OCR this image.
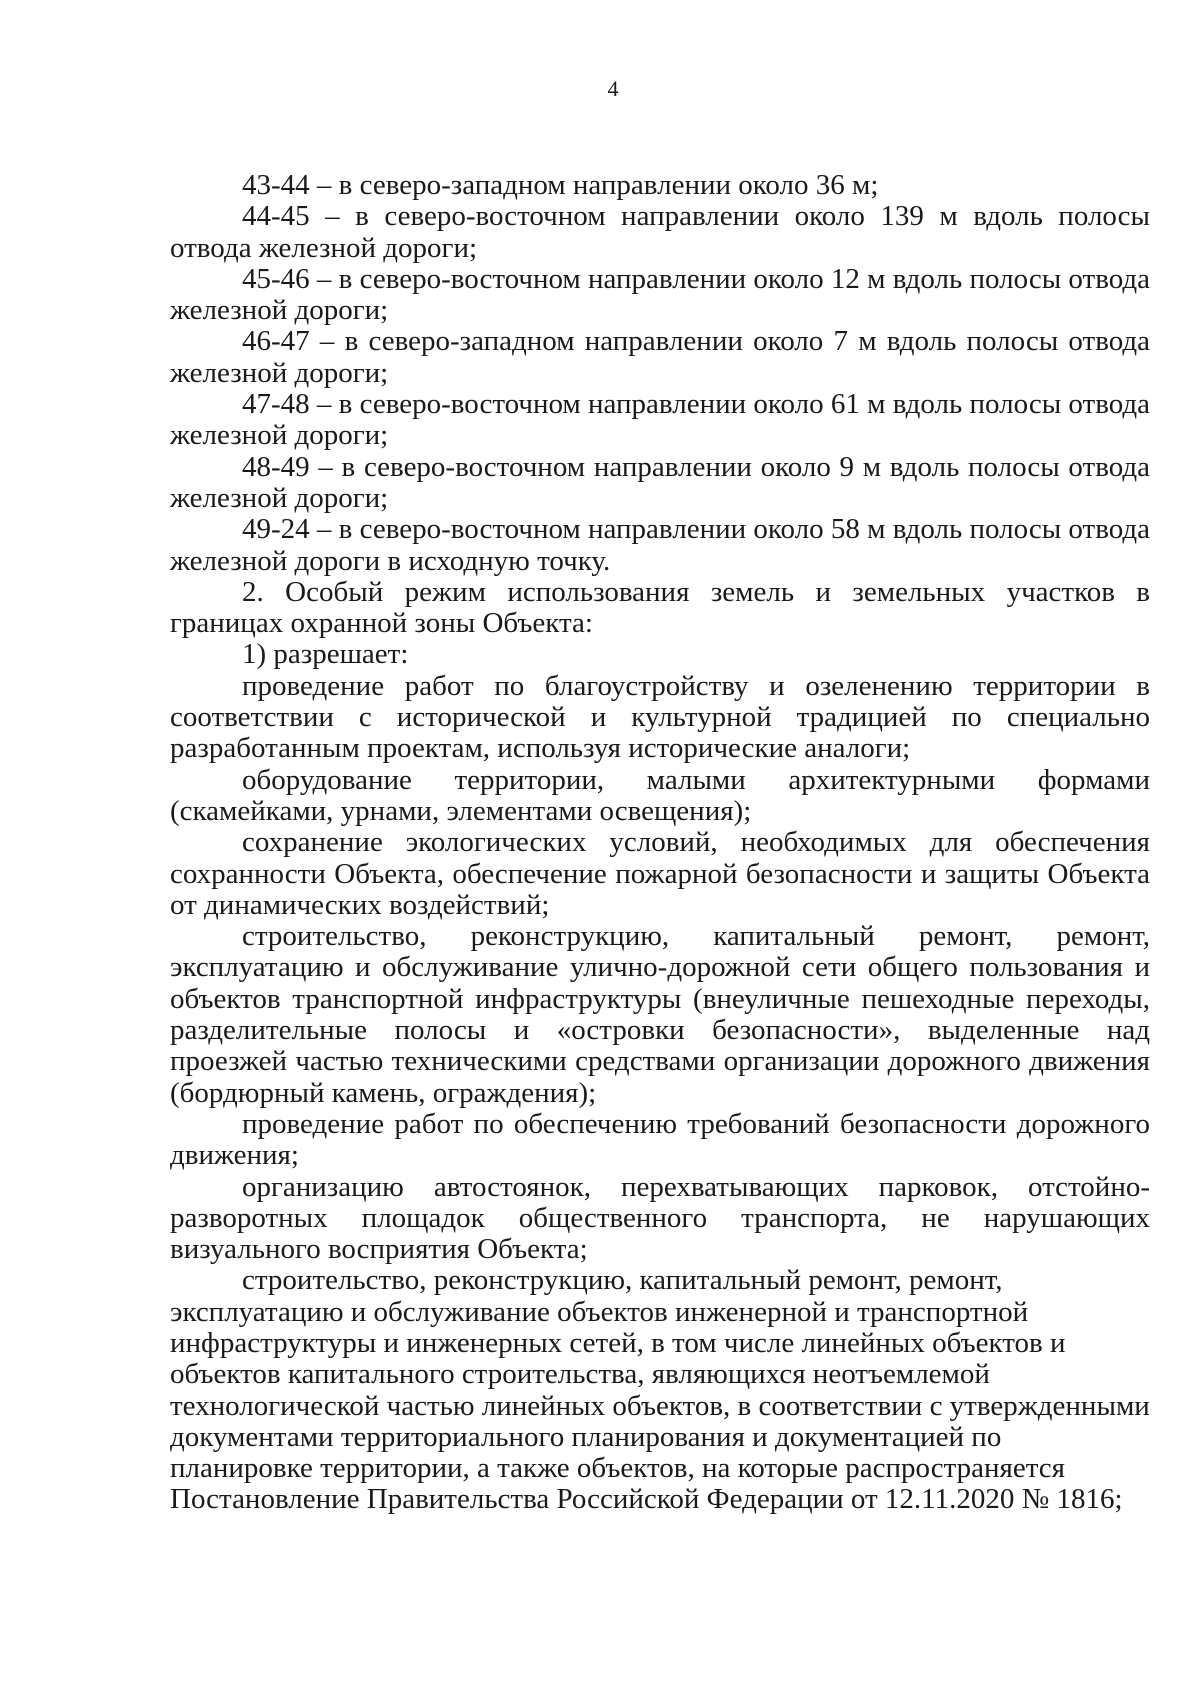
4

43-44 – в северо-западном направлении около 36 м;

44-45 – в северо-восточном направлении около 139 м вдоль полосы отвода железной дороги;

45-46 – в северо-восточном направлении около 12 м вдоль полосы отвода железной дороги;

46-47 – в северо-западном направлении около 7 м вдоль полосы отвода железной дороги;

47-48 – в северо-восточном направлении около 61 м вдоль полосы отвода железной дороги;

48-49 – в северо-восточном направлении около 9 м вдоль полосы отвода железной дороги;

49-24 – в северо-восточном направлении около 58 м вдоль полосы отвода железной дороги в исходную точку.

2. Особый режим использования земель и земельных участков в границах охранной зоны Объекта:

1) разрешает:

проведение работ по благоустройству и озеленению территории в соответствии с исторической и культурной традицией по специально разработанным проектам, используя исторические аналоги;

оборудование территории, малыми архитектурными формами (скамейками, урнами, элементами освещения);

сохранение экологических условий, необходимых для обеспечения сохранности Объекта, обеспечение пожарной безопасности и защиты Объекта от динамических воздействий;

строительство, реконструкцию, капитальный ремонт, ремонт, эксплуатацию и обслуживание улично-дорожной сети общего пользования и объектов транспортной инфраструктуры (внеуличные пешеходные переходы, разделительные полосы и «островки безопасности», выделенные над проезжей частью техническими средствами организации дорожного движения (бордюрный камень, ограждения);

проведение работ по обеспечению требований безопасности дорожного движения;

организацию автостоянок, перехватывающих парковок, отстойно-разворотных площадок общественного транспорта, не нарушающих визуального восприятия Объекта;

строительство, реконструкцию, капитальный ремонт, ремонт, эксплуатацию и обслуживание объектов инженерной и транспортной инфраструктуры и инженерных сетей, в том числе линейных объектов и объектов капитального строительства, являющихся неотъемлемой технологической частью линейных объектов, в соответствии с утвержденными документами территориального планирования и документацией по планировке территории, а также объектов, на которые распространяется Постановление Правительства Российской Федерации от 12.11.2020 № 1816;
